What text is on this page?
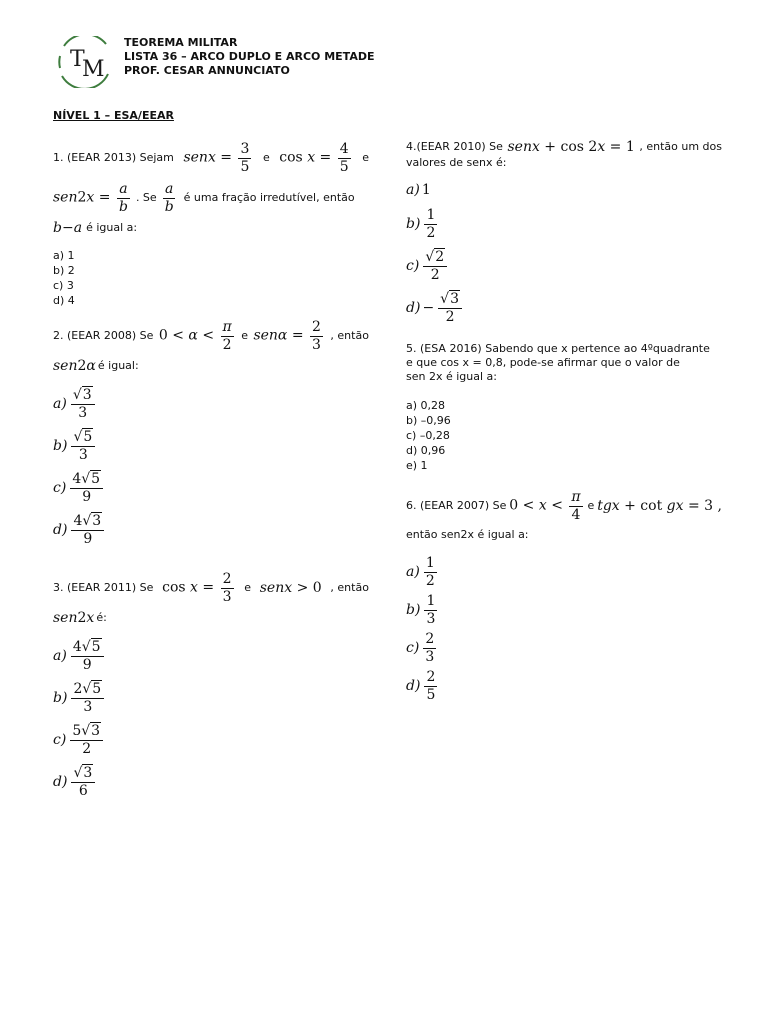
T
M
TEOREMA MILITAR
LISTA 36 – ARCO DUPLO E ARCO METADE
PROF. CESAR ANNUNCIATO
NÍVEL 1 – ESA/EEAR
1. (EEAR 2013) Sejam senx = $\frac{3}{5}$ e $\cos x = \frac{4}{5}$ e
$sen2x = \frac{a}{b}$ . Se $\frac{a}{b}$ é uma fração irredutível, então
b − a é igual a:
a) 1
b) 2
c) 3
d) 4
2. (EEAR 2008) Se $0 < \alpha < \frac{\pi}{2}$ e $sen\alpha = \frac{2}{3}$ , então
sen 2 α é igual:
$a) \frac{√3}{3}$
$b) \frac{√5}{3}$
$c) \frac{4√5}{9}$
$d) \frac{4√3}{9}$
3. (EEAR 2011) Se $\cos x = \frac{2}{3}$ e senx > 0 , então
sen 2 x é:
$a) \frac{4√5}{9}$
$b) \frac{2√5}{3}$
$c) \frac{5√3}{2}$
$d) \frac{√3}{6}$
4.(EEAR 2010) Se senx + cos 2x = 1 , então um dos
valores de senx é:
a) 1
$b) \frac{1}{2}$
$c) \frac{√2}{2}$
$d) - \frac{√3}{2}$
5. (ESA 2016) Sabendo que x pertence ao 4ºquadrante
e que cos x = 0,8, pode-se afirmar que o valor de
sen 2x é igual a:
a) 0,28
b) –0,96
c) –0,28
d) 0,96
e) 1
6. (EEAR 2007) Se $0 < x < \frac{\pi}{4}$ e tgx + cot gx = 3 ,
então sen2x é igual a:
$a) \frac{1}{2}$
$b) \frac{1}{3}$
$c) \frac{2}{3}$
$d) \frac{2}{5}$
